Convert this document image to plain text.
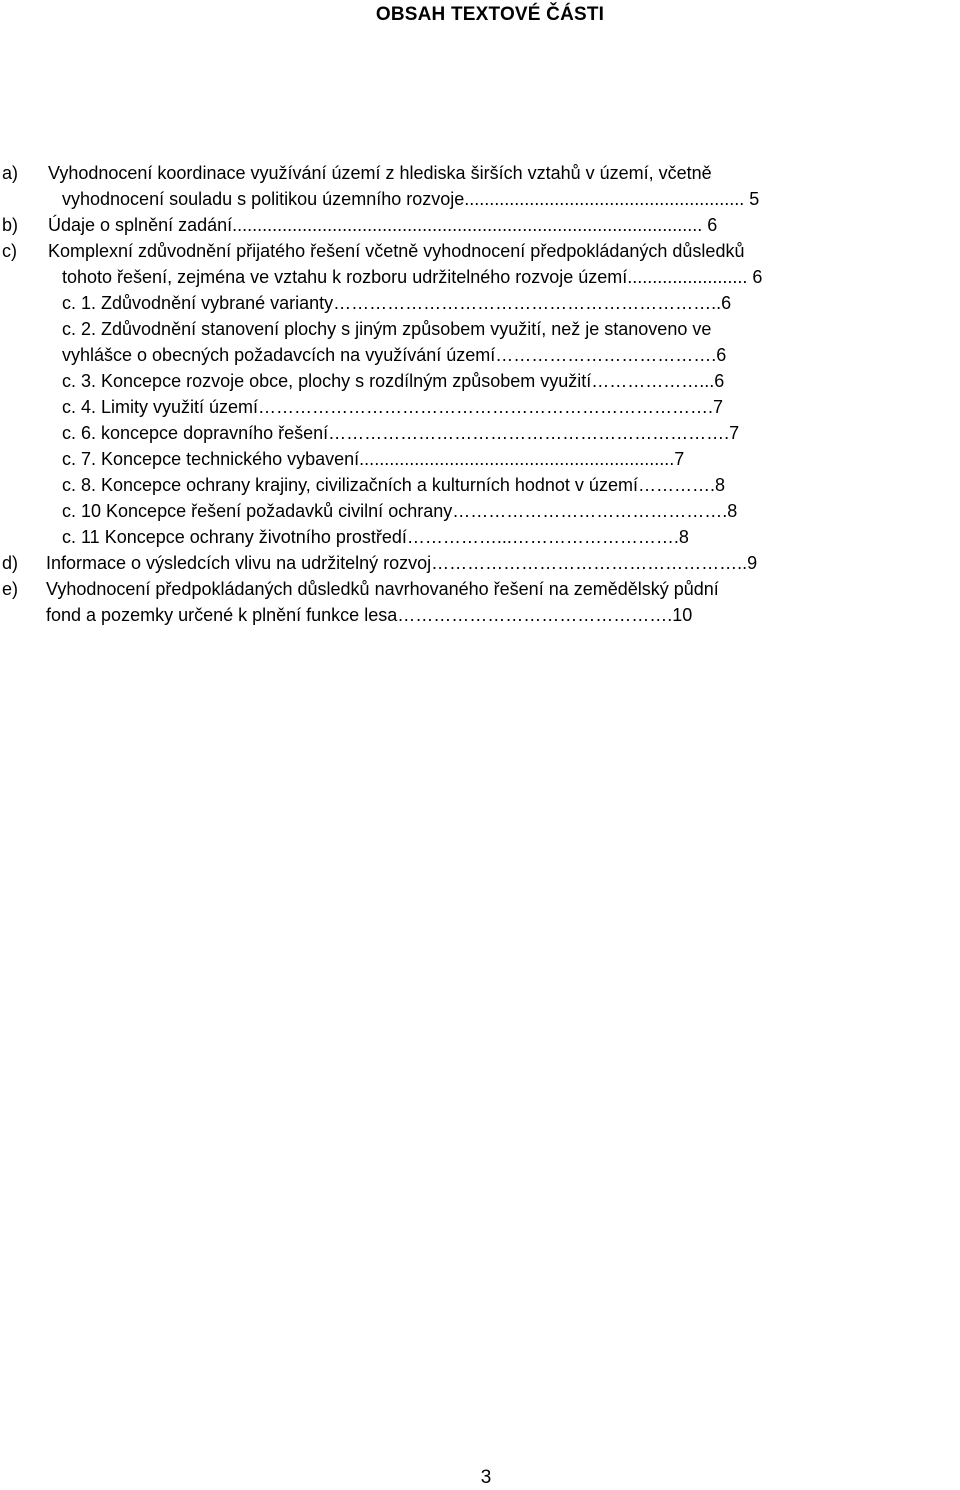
OBSAH TEXTOVÉ ČÁSTI
a) Vyhodnocení koordinace využívání území z hlediska širších vztahů v území, včetně
vyhodnocení souladu s politikou územního rozvoje........................................................ 5
b) Údaje o splnění zadání.............................................................................................. 6
c) Komplexní zdůvodnění přijatého řešení včetně vyhodnocení předpokládaných důsledků
tohoto řešení, zejména ve vztahu k rozboru udržitelného rozvoje území........................ 6
c. 1. Zdůvodnění vybrané varianty………………………………………………………..6
c. 2. Zdůvodnění stanovení plochy s jiným způsobem využití, než je stanoveno ve
vyhlášce o obecných požadavcích na využívání území……………………………….6
c. 3. Koncepce rozvoje obce, plochy s rozdílným způsobem využití………………...6
c. 4. Limity využití území………………………………………………………………….7
c. 6. koncepce dopravního řešení………………………………………………………….7
c. 7. Koncepce technického vybavení...............................................................7
c. 8. Koncepce ochrany krajiny, civilizačních a kulturních hodnot v území………….8
c. 10 Koncepce řešení požadavků civilní ochrany……………………………………….8
c. 11 Koncepce ochrany životního prostředí……………...……………………….8
d) Informace o výsledcích vlivu na udržitelný rozvoj……………………………………………..9
e) Vyhodnocení předpokládaných důsledků navrhovaného řešení na zemědělský půdní
fond a pozemky určené k plnění funkce lesa……………………………………….10
3
